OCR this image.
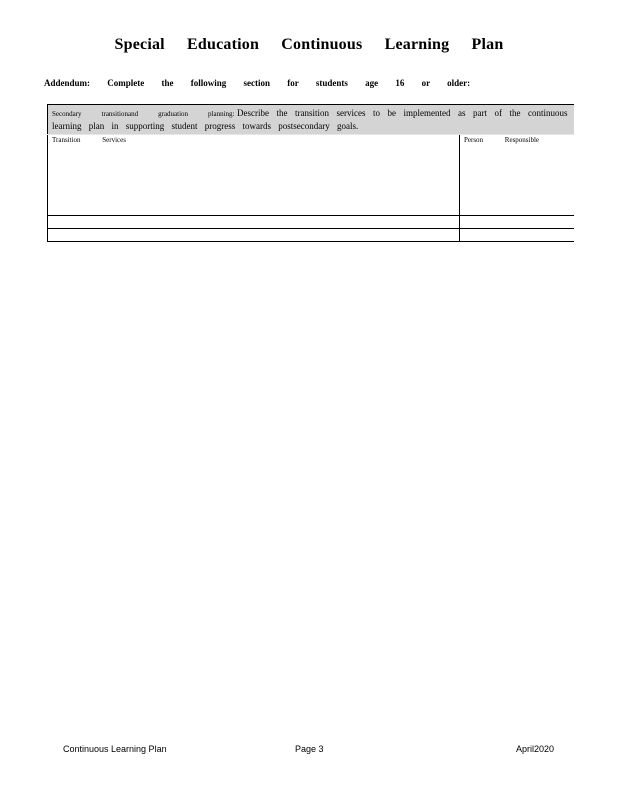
Special Education Continuous Learning Plan
Addendum: Complete the following section for students age 16 or older:
Secondary transitionand graduation planning: Describe the transition services to be implemented as part of the continuous learning plan in supporting student progress towards postsecondary goals.	

Transition Services	Person Responsible

Continuous Learning Plan	Page 3	April2020
